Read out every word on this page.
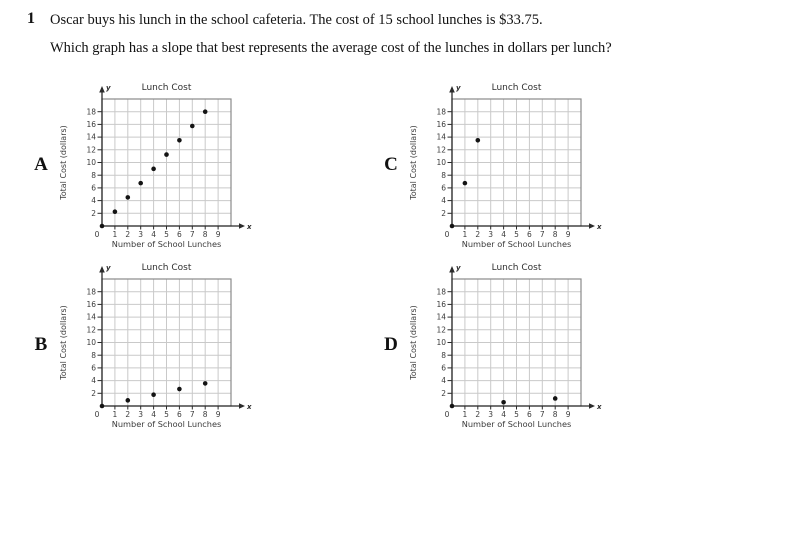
1 Oscar buys his lunch in the school cafeteria. The cost of 15 school lunches is $33.75.
Which graph has a slope that best represents the average cost of the lunches in dollars per lunch?
A
2
4
6
8
10
12
14
16
18
0 1 2 3 4 5 6 7 8 9
y
x
Lunch Cost
Total Cost (dollars)
Number of School Lunches
C
2
4
6
8
10
12
14
16
18
0 1 2 3 4 5 6 7 8 9
y
x
Lunch Cost
Total Cost (dollars)
Number of School Lunches
B
2
4
6
8
10
12
14
16
18
0 1 2 3 4 5 6 7 8 9
y
x
Lunch Cost
Total Cost (dollars)
Number of School Lunches
D
2
4
6
8
10
12
14
16
18
0 1 2 3 4 5 6 7 8 9
y
x
Lunch Cost
Total Cost (dollars)
Number of School Lunches
